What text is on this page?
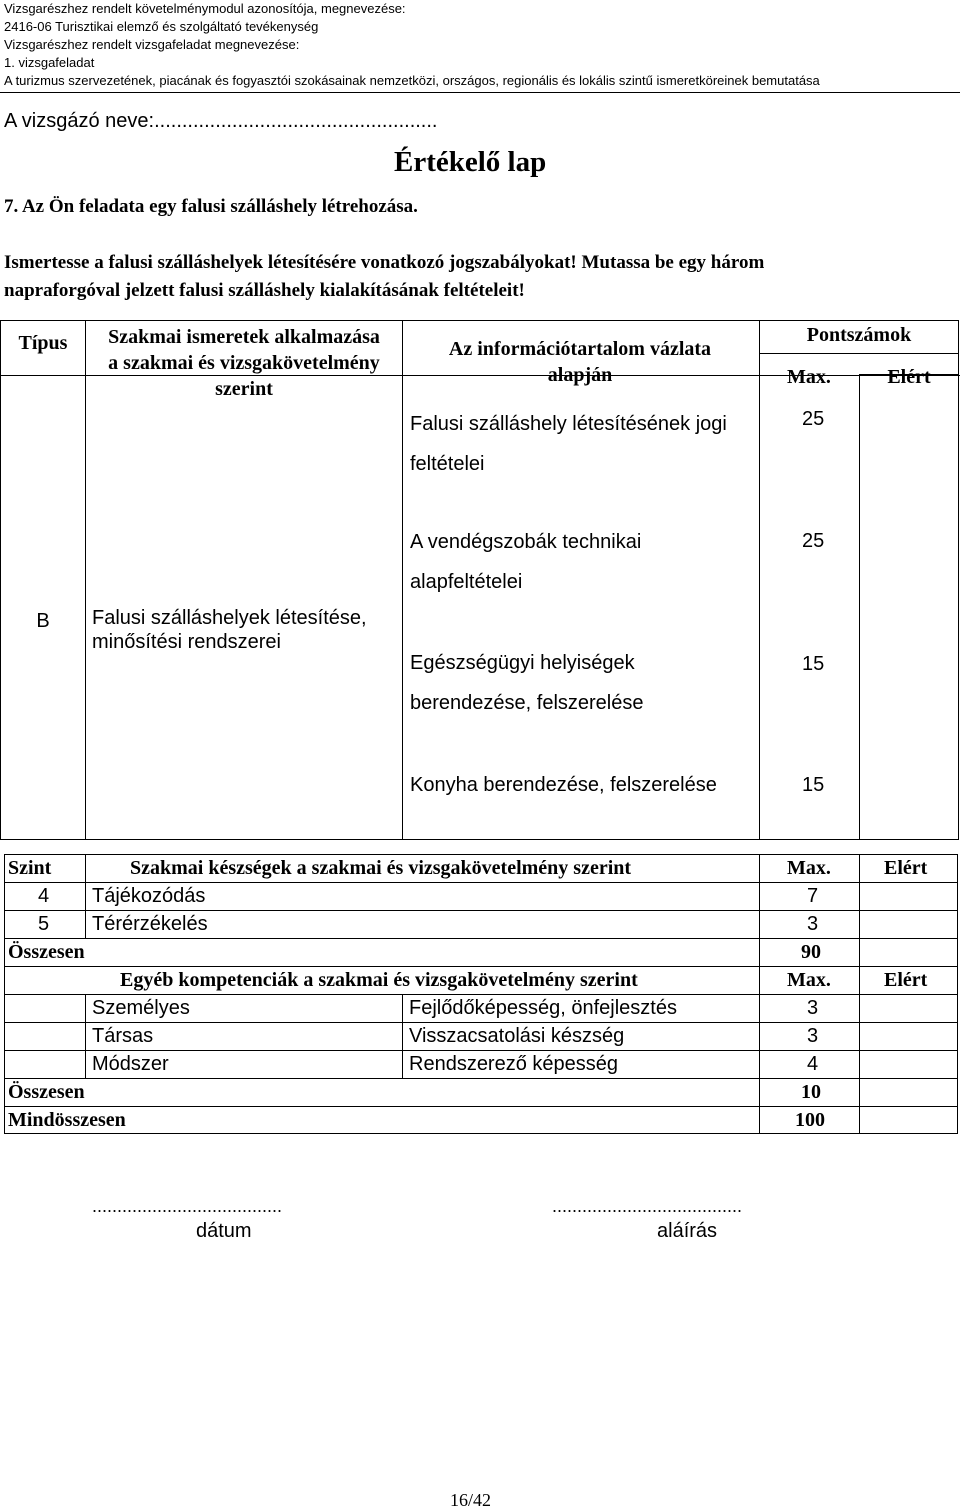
Vizsgarészhez rendelt követelménymodul azonosítója, megnevezése:
2416-06 Turisztikai elemző és szolgáltató tevékenység
Vizsgarészhez rendelt vizsgafeladat megnevezése:
1. vizsgafeladat
A turizmus szervezetének, piacának és fogyasztói szokásainak nemzetközi, országos, regionális és lokális szintű ismeretköreinek bemutatása
A vizsgázó neve:...................................................
Értékelő lap
7. Az Ön feladata egy falusi szálláshely létrehozása.
Ismertesse a falusi szálláshelyek létesítésére vonatkozó jogszabályokat! Mutassa be egy három
napraforgóval jelzett falusi szálláshely kialakításának feltételeit!
Típus	Szakmai ismeretek alkalmazása a szakmai és vizsgakövetelmény szerint
Az információtartalom vázlata alapján
Pontszámok
Max.	Elért
B	Falusi szálláshelyek létesítése, minősítési rendszerei
Falusi szálláshely létesítésének jogi feltételei
25
A vendégszobák technikai alapfeltételei
25
Egészségügyi helyiségek berendezése, felszerelése
15
Konyha berendezése, felszerelése	15
Szint	Szakmai készségek a szakmai és vizsgakövetelmény szerint	Max.	Elért
4 Tájékozódás	7
5 Térérzékelés	3
Összesen	90
Egyéb kompetenciák a szakmai és vizsgakövetelmény szerint	Max.	Elért
Személyes	Fejlődőképesség, önfejlesztés	3
Társas	Visszacsatolási készség	3
Módszer	Rendszerező képesség	4
Összesen	10
Mindösszesen	100
......................................
dátum
......................................
aláírás
16/42
